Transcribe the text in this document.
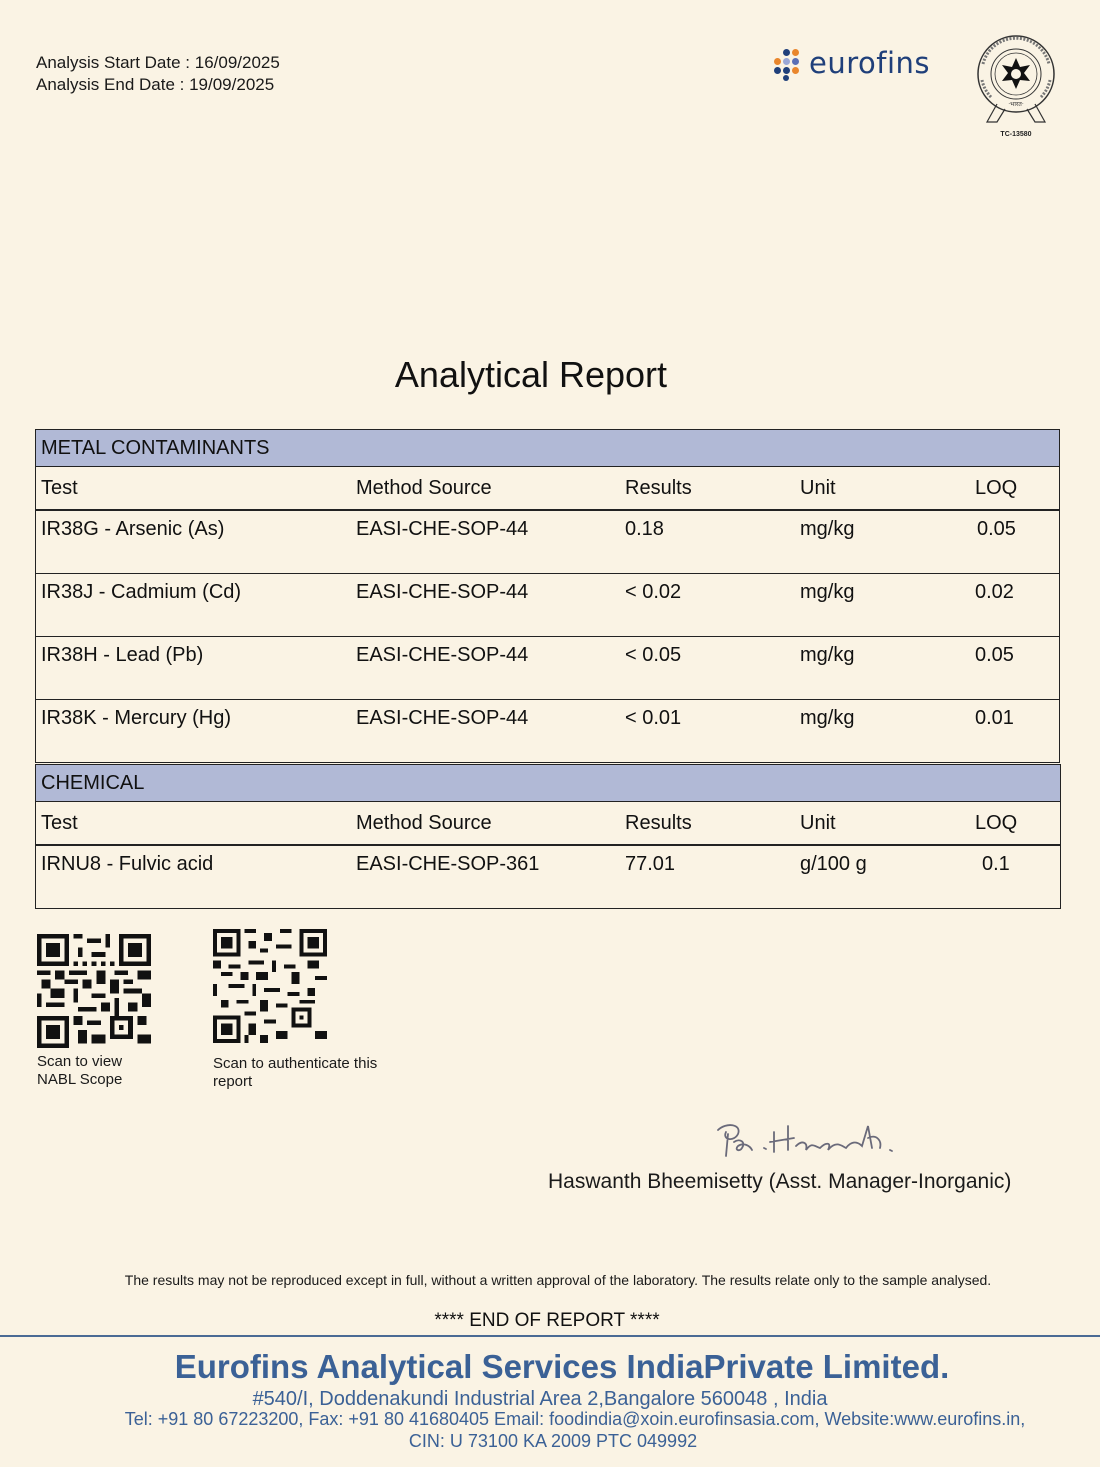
Analysis Start Date : 16/09/2025
Analysis End Date : 19/09/2025
eurofins
·भारत·
TC-13580
Analytical Report
METAL CONTAMINANTS				
Test	Method Source	Results	Unit	LOQ
IR38G - Arsenic (As)	EASI-CHE-SOP-44	0.18	mg/kg	0.05
IR38J - Cadmium (Cd)	EASI-CHE-SOP-44	< 0.02	mg/kg	0.02
IR38H - Lead (Pb)	EASI-CHE-SOP-44	< 0.05	mg/kg	0.05
IR38K - Mercury (Hg)	EASI-CHE-SOP-44	< 0.01	mg/kg	0.01
CHEMICAL				
Test	Method Source	Results	Unit	LOQ
IRNU8 - Fulvic acid	EASI-CHE-SOP-361	77.01	g/100 g	0.1
Scan to view
NABL Scope
Scan to authenticate this
report
Haswanth Bheemisetty (Asst. Manager-Inorganic)
The results may not be reproduced except in full, without a written approval of the laboratory. The results relate only to the sample analysed.
**** END OF REPORT ****
Eurofins Analytical Services IndiaPrivate Limited.
#540/I, Doddenakundi Industrial Area 2,Bangalore 560048 , India
Tel: +91 80 67223200, Fax: +91 80 41680405 Email: foodindia@xoin.eurofinsasia.com, Website:www.eurofins.in,
CIN: U 73100 KA 2009 PTC 049992
